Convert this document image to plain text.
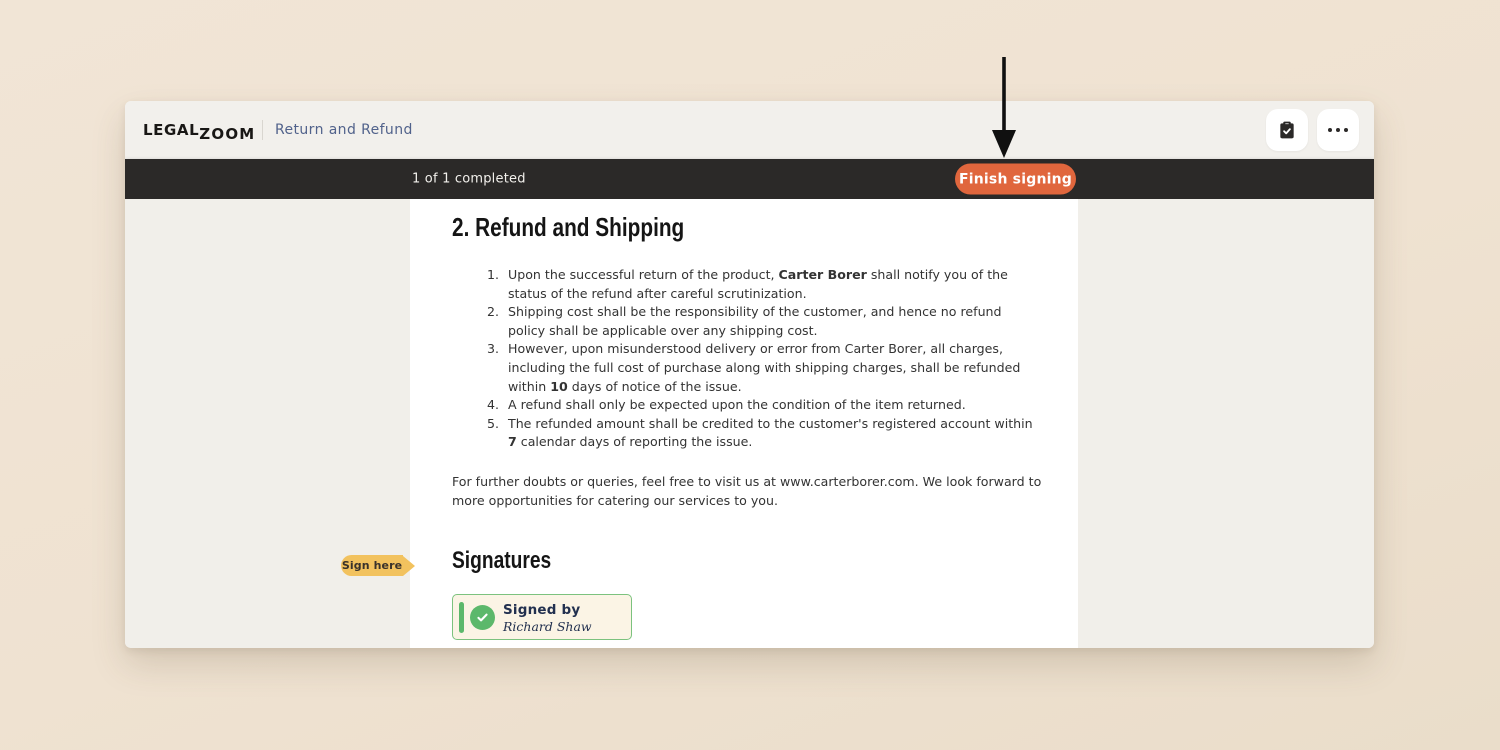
Sign here
LEGALZOOM Return and Refund
1 of 1 completed	Finish signing
2. Refund and Shipping
1. Upon the successful return of the product, Carter Borer shall notify you of the status of the refund after careful scrutinization.
2. Shipping cost shall be the responsibility of the customer, and hence no refund policy shall be applicable over any shipping cost.
3. However, upon misunderstood delivery or error from Carter Borer, all charges, including the full cost of purchase along with shipping charges, shall be refunded within 10 days of notice of the issue.
4. A refund shall only be expected upon the condition of the item returned.
5. The refunded amount shall be credited to the customer's registered account within 7 calendar days of reporting the issue.

For further doubts or queries, feel free to visit us at www.carterborer.com. We look forward to more opportunities for catering our services to you.

Signatures
Signed by
Richard Shaw
